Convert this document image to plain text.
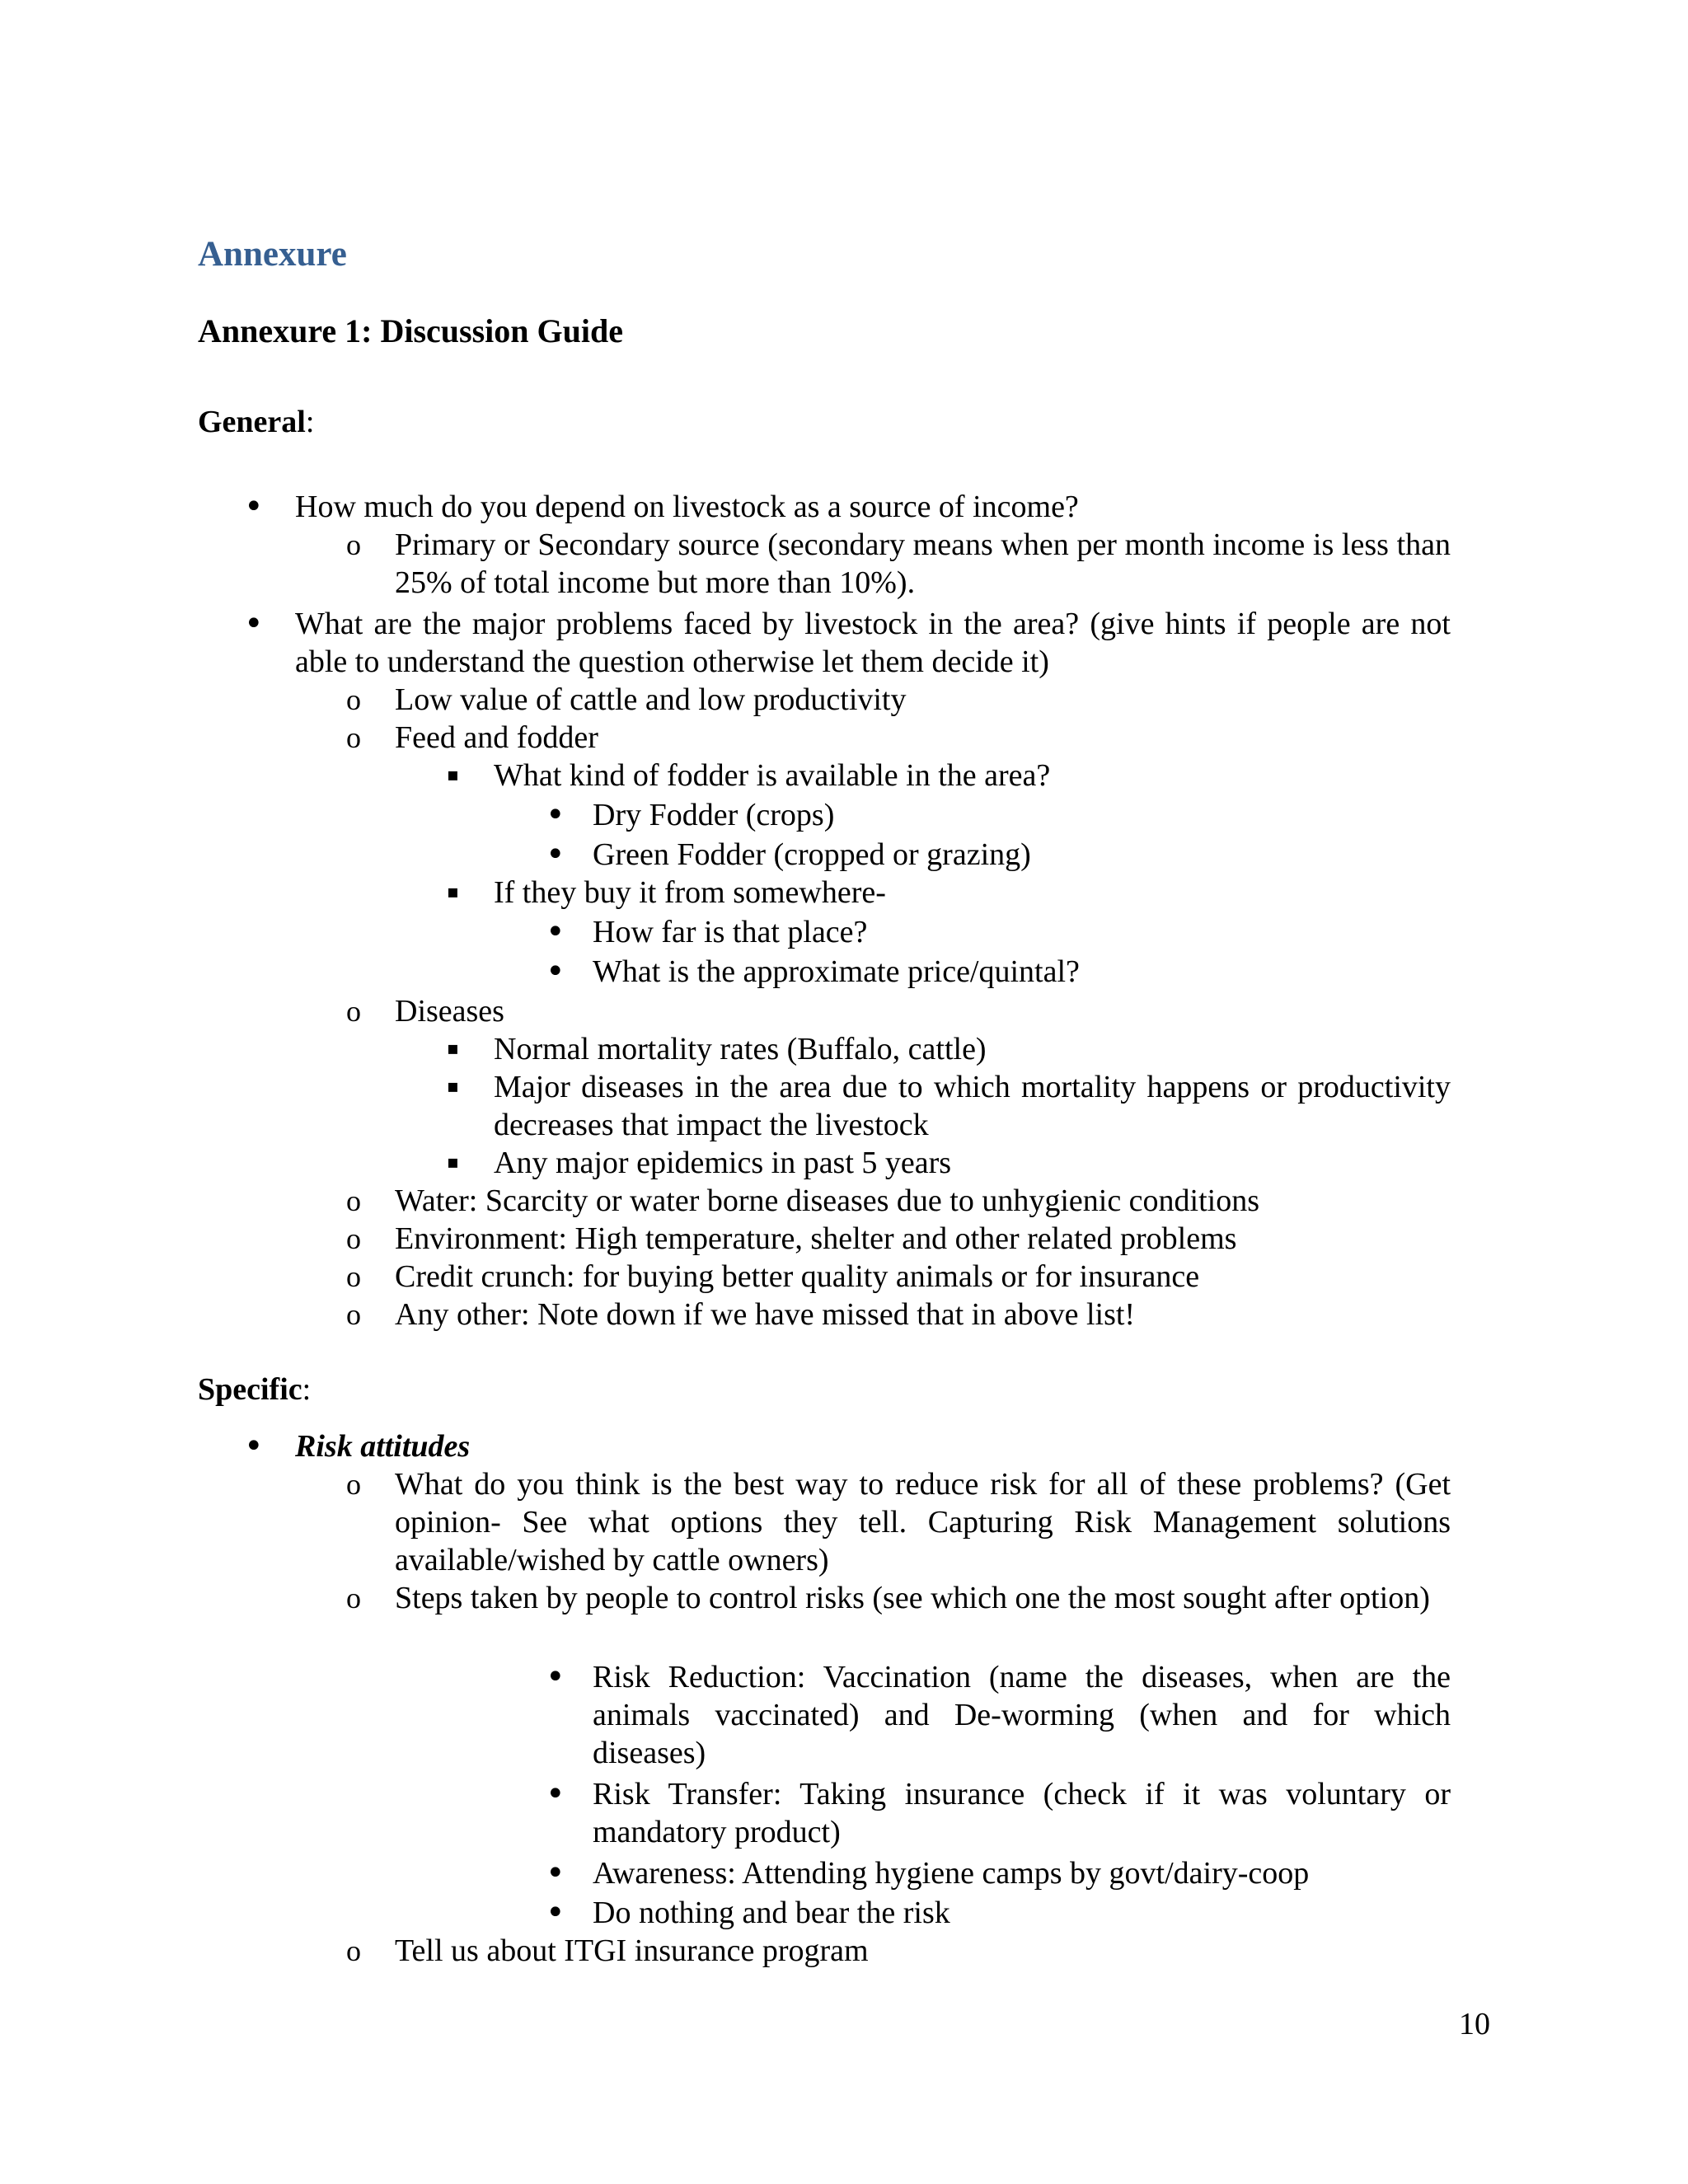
Annexure
Annexure 1: Discussion Guide

General:

• How much do you depend on livestock as a source of income?
o Primary or Secondary source (secondary means when per month income is less than 25% of total income but more than 10%).
• What are the major problems faced by livestock in the area? (give hints if people are not able to understand the question otherwise let them decide it)
o Low value of cattle and low productivity
o Feed and fodder
▪ What kind of fodder is available in the area?
• Dry Fodder (crops)
• Green Fodder (cropped or grazing)
▪ If they buy it from somewhere-
• How far is that place?
• What is the approximate price/quintal?
o Diseases
▪ Normal mortality rates (Buffalo, cattle)
▪ Major diseases in the area due to which mortality happens or productivity decreases that impact the livestock
▪ Any major epidemics in past 5 years
o Water: Scarcity or water borne diseases due to unhygienic conditions
o Environment: High temperature, shelter and other related problems
o Credit crunch: for buying better quality animals or for insurance
o Any other: Note down if we have missed that in above list!

Specific:

• Risk attitudes
o What do you think is the best way to reduce risk for all of these problems? (Get opinion- See what options they tell. Capturing Risk Management solutions available/wished by cattle owners)
o Steps taken by people to control risks (see which one the most sought after option)
• Risk Reduction: Vaccination (name the diseases, when are the animals vaccinated) and De-worming (when and for which diseases)
• Risk Transfer: Taking insurance (check if it was voluntary or mandatory product)
• Awareness: Attending hygiene camps by govt/dairy-coop
• Do nothing and bear the risk
o Tell us about ITGI insurance program
10
